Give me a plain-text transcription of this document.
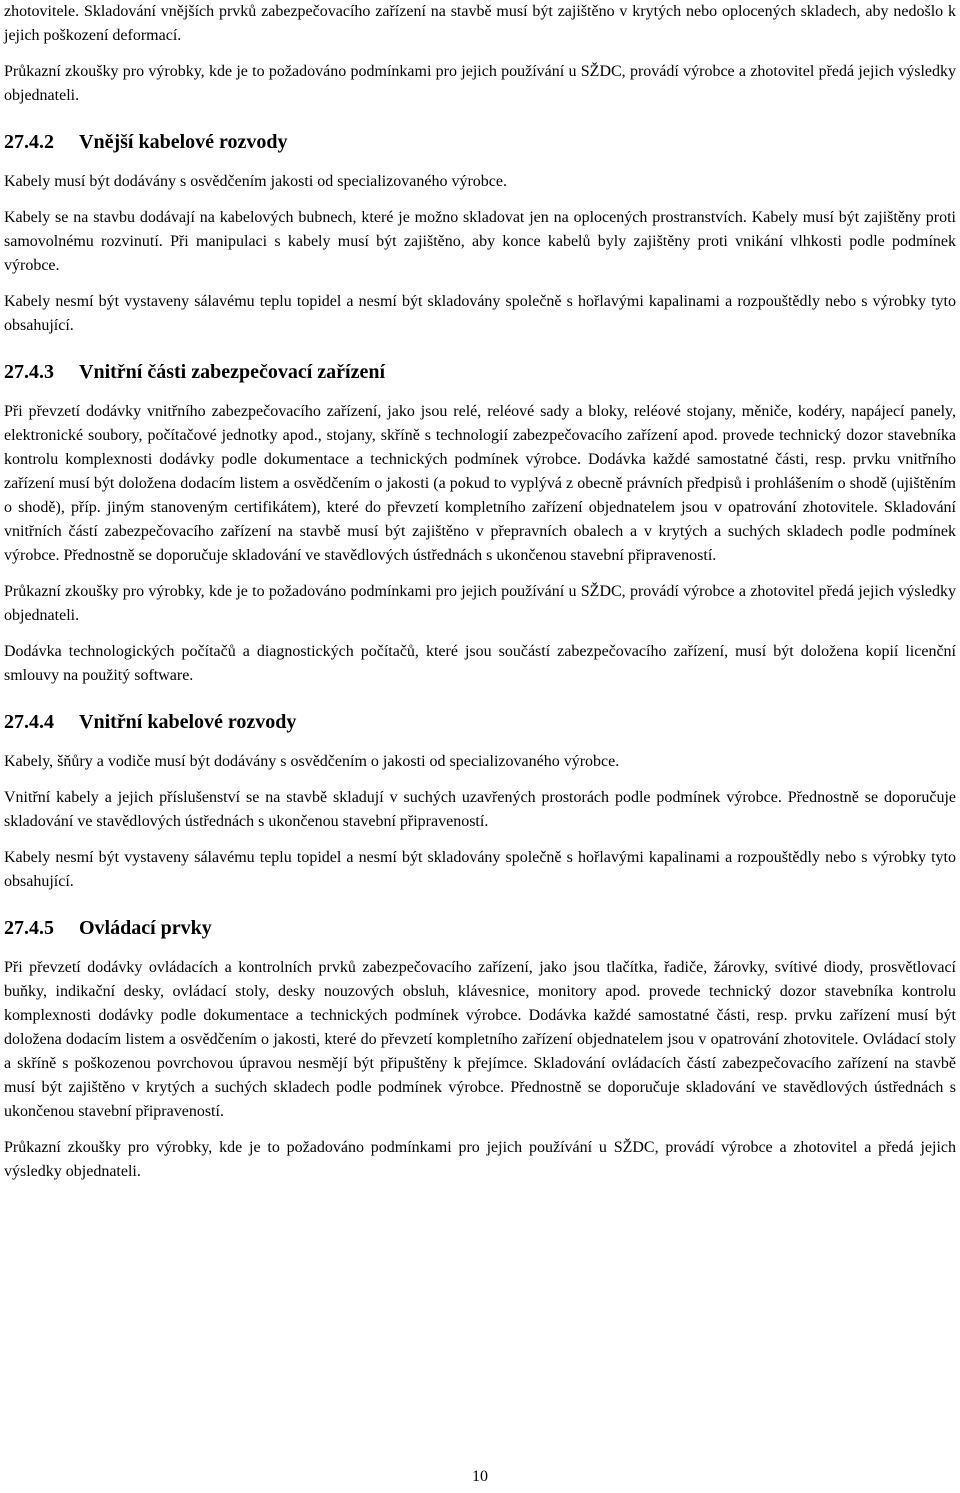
zhotovitele. Skladování vnějších prvků zabezpečovacího zařízení na stavbě musí být zajištěno v krytých nebo oplocených skladech, aby nedošlo k jejich poškození deformací.

Průkazní zkoušky pro výrobky, kde je to požadováno podmínkami pro jejich používání u SŽDC, provádí výrobce a zhotovitel předá jejich výsledky objednateli.

27.4.2 Vnější kabelové rozvody

Kabely musí být dodávány s osvědčením jakosti od specializovaného výrobce.

Kabely se na stavbu dodávají na kabelových bubnech, které je možno skladovat jen na oplocených prostranstvích. Kabely musí být zajištěny proti samovolnému rozvinutí. Při manipulaci s kabely musí být zajištěno, aby konce kabelů byly zajištěny proti vnikání vlhkosti podle podmínek výrobce.

Kabely nesmí být vystaveny sálavému teplu topidel a nesmí být skladovány společně s hořlavými kapalinami a rozpouštědly nebo s výrobky tyto obsahující.

27.4.3 Vnitřní části zabezpečovací zařízení

Při převzetí dodávky vnitřního zabezpečovacího zařízení, jako jsou relé, reléové sady a bloky, reléové stojany, měniče, kodéry, napájecí panely, elektronické soubory, počítačové jednotky apod., stojany, skříně s technologií zabezpečovacího zařízení apod. provede technický dozor stavebníka kontrolu komplexnosti dodávky podle dokumentace a technických podmínek výrobce. Dodávka každé samostatné části, resp. prvku vnitřního zařízení musí být doložena dodacím listem a osvědčením o jakosti (a pokud to vyplývá z obecně právních předpisů i prohlášením o shodě (ujištěním o shodě), příp. jiným stanoveným certifikátem), které do převzetí kompletního zařízení objednatelem jsou v opatrování zhotovitele. Skladování vnitřních částí zabezpečovacího zařízení na stavbě musí být zajištěno v přepravních obalech a v krytých a suchých skladech podle podmínek výrobce. Přednostně se doporučuje skladování ve stavědlových ústřednách s ukončenou stavební připraveností.

Průkazní zkoušky pro výrobky, kde je to požadováno podmínkami pro jejich používání u SŽDC, provádí výrobce a zhotovitel předá jejich výsledky objednateli.

Dodávka technologických počítačů a diagnostických počítačů, které jsou součástí zabezpečovacího zařízení, musí být doložena kopií licenční smlouvy na použitý software.

27.4.4 Vnitřní kabelové rozvody

Kabely, šňůry a vodiče musí být dodávány s osvědčením o jakosti od specializovaného výrobce.

Vnitřní kabely a jejich příslušenství se na stavbě skladují v suchých uzavřených prostorách podle podmínek výrobce. Přednostně se doporučuje skladování ve stavědlových ústřednách s ukončenou stavební připraveností.

Kabely nesmí být vystaveny sálavému teplu topidel a nesmí být skladovány společně s hořlavými kapalinami a rozpouštědly nebo s výrobky tyto obsahující.

27.4.5 Ovládací prvky

Při převzetí dodávky ovládacích a kontrolních prvků zabezpečovacího zařízení, jako jsou tlačítka, řadiče, žárovky, svítivé diody, prosvětlovací buňky, indikační desky, ovládací stoly, desky nouzových obsluh, klávesnice, monitory apod. provede technický dozor stavebníka kontrolu komplexnosti dodávky podle dokumentace a technických podmínek výrobce. Dodávka každé samostatné části, resp. prvku zařízení musí být doložena dodacím listem a osvědčením o jakosti, které do převzetí kompletního zařízení objednatelem jsou v opatrování zhotovitele. Ovládací stoly a skříně s poškozenou povrchovou úpravou nesmějí být připuštěny k přejímce. Skladování ovládacích částí zabezpečovacího zařízení na stavbě musí být zajištěno v krytých a suchých skladech podle podmínek výrobce. Přednostně se doporučuje skladování ve stavědlových ústřednách s ukončenou stavební připraveností.

Průkazní zkoušky pro výrobky, kde je to požadováno podmínkami pro jejich používání u SŽDC, provádí výrobce a zhotovitel a předá jejich výsledky objednateli.

10
